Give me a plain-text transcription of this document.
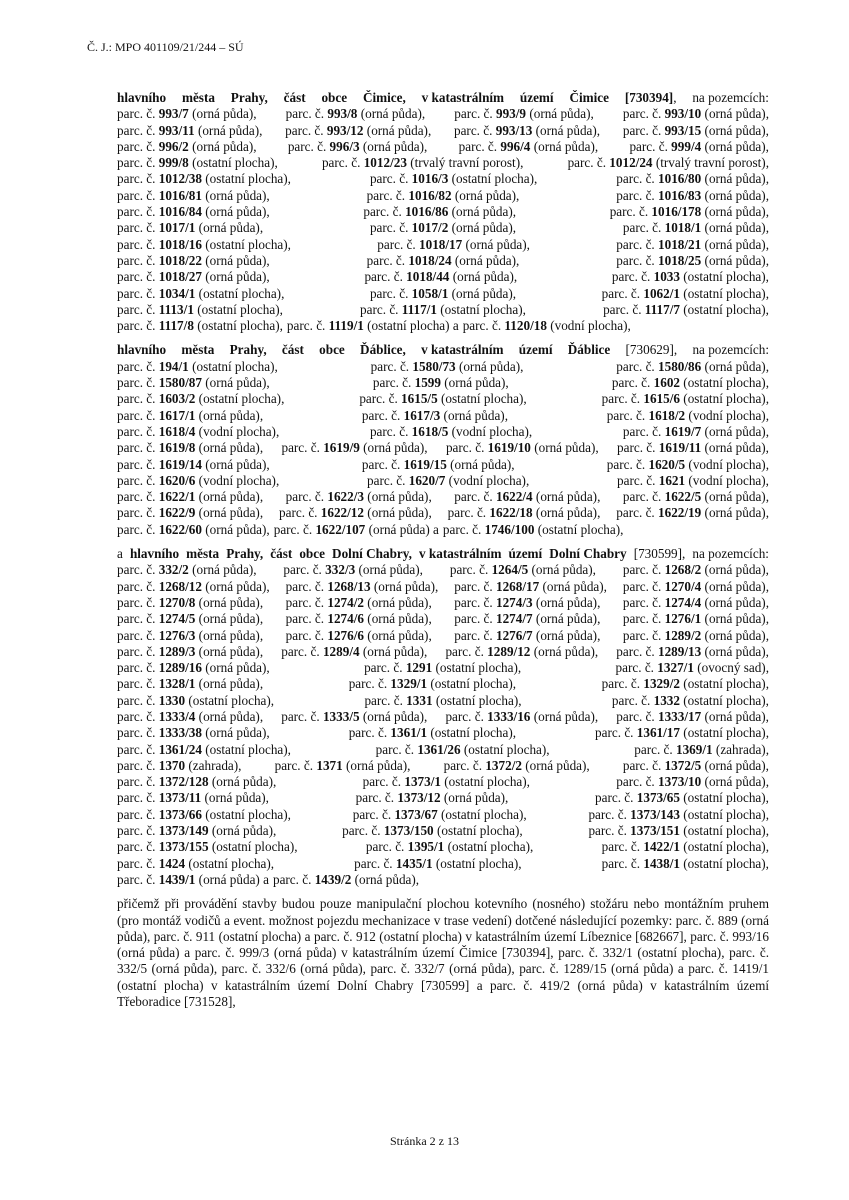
Č. J.: MPO 401109/21/244 – SÚ
hlavního města Prahy, část obce Čimice, v katastrálním území Čimice [730394], na pozemcích:
parc. č. 993/7 (orná půda), parc. č. 993/8 (orná půda), parc. č. 993/9 (orná půda), parc. č. 993/10 (orná půda),
parc. č. 993/11 (orná půda), parc. č. 993/12 (orná půda), parc. č. 993/13 (orná půda), parc. č. 993/15 (orná půda),
parc. č. 996/2 (orná půda), parc. č. 996/3 (orná půda), parc. č. 996/4 (orná půda), parc. č. 999/4 (orná půda),
parc. č. 999/8 (ostatní plocha),	parc. č. 1012/23 (trvalý travní porost),	parc. č. 1012/24 (trvalý travní porost),
parc. č. 1012/38 (ostatní plocha),	parc. č. 1016/3 (ostatní plocha),	parc. č. 1016/80 (orná půda),
parc. č. 1016/81 (orná půda),	parc. č. 1016/82 (orná půda),	parc. č. 1016/83 (orná půda),
parc. č. 1016/84 (orná půda),	parc. č. 1016/86 (orná půda),	parc. č. 1016/178 (orná půda),
parc. č. 1017/1 (orná půda),	parc. č. 1017/2 (orná půda),	parc. č. 1018/1 (orná půda),
parc. č. 1018/16 (ostatní plocha),	parc. č. 1018/17 (orná půda),	parc. č. 1018/21 (orná půda),
parc. č. 1018/22 (orná půda),	parc. č. 1018/24 (orná půda),	parc. č. 1018/25 (orná půda),
parc. č. 1018/27 (orná půda),	parc. č. 1018/44 (orná půda),	parc. č. 1033 (ostatní plocha),
parc. č. 1034/1 (ostatní plocha),	parc. č. 1058/1 (orná půda),	parc. č. 1062/1 (ostatní plocha),
parc. č. 1113/1 (ostatní plocha),	parc. č. 1117/1 (ostatní plocha),	parc. č. 1117/7 (ostatní plocha),
parc. č. 1117/8 (ostatní plocha), parc. č. 1119/1 (ostatní plocha) a parc. č. 1120/18 (vodní plocha),
hlavního města Prahy, část obce Ďáblice, v katastrálním území Ďáblice [730629], na pozemcích:
parc. č. 194/1 (ostatní plocha),	parc. č. 1580/73 (orná půda),	parc. č. 1580/86 (orná půda),
parc. č. 1580/87 (orná půda),	parc. č. 1599 (orná půda),	parc. č. 1602 (ostatní plocha),
parc. č. 1603/2 (ostatní plocha),	parc. č. 1615/5 (ostatní plocha),	parc. č. 1615/6 (ostatní plocha),
parc. č. 1617/1 (orná půda),	parc. č. 1617/3 (orná půda),	parc. č. 1618/2 (vodní plocha),
parc. č. 1618/4 (vodní plocha),	parc. č. 1618/5 (vodní plocha),	parc. č. 1619/7 (orná půda),
parc. č. 1619/8 (orná půda), parc. č. 1619/9 (orná půda), parc. č. 1619/10 (orná půda), parc. č. 1619/11 (orná půda),
parc. č. 1619/14 (orná půda),	parc. č. 1619/15 (orná půda),	parc. č. 1620/5 (vodní plocha),
parc. č. 1620/6 (vodní plocha),	parc. č. 1620/7 (vodní plocha),	parc. č. 1621 (vodní plocha),
parc. č. 1622/1 (orná půda), parc. č. 1622/3 (orná půda), parc. č. 1622/4 (orná půda), parc. č. 1622/5 (orná půda),
parc. č. 1622/9 (orná půda), parc. č. 1622/12 (orná půda), parc. č. 1622/18 (orná půda), parc. č. 1622/19 (orná půda),
parc. č. 1622/60 (orná půda), parc. č. 1622/107 (orná půda) a parc. č. 1746/100 (ostatní plocha),
a hlavního města Prahy, část obce Dolní Chabry, v katastrálním území Dolní Chabry [730599], na pozemcích:
parc. č. 332/2 (orná půda), parc. č. 332/3 (orná půda), parc. č. 1264/5 (orná půda), parc. č. 1268/2 (orná půda),
parc. č. 1268/12 (orná půda), parc. č. 1268/13 (orná půda), parc. č. 1268/17 (orná půda), parc. č. 1270/4 (orná půda),
parc. č. 1270/8 (orná půda), parc. č. 1274/2 (orná půda), parc. č. 1274/3 (orná půda), parc. č. 1274/4 (orná půda),
parc. č. 1274/5 (orná půda), parc. č. 1274/6 (orná půda), parc. č. 1274/7 (orná půda), parc. č. 1276/1 (orná půda),
parc. č. 1276/3 (orná půda), parc. č. 1276/6 (orná půda), parc. č. 1276/7 (orná půda), parc. č. 1289/2 (orná půda),
parc. č. 1289/3 (orná půda), parc. č. 1289/4 (orná půda), parc. č. 1289/12 (orná půda), parc. č. 1289/13 (orná půda),
parc. č. 1289/16 (orná půda),	parc. č. 1291 (ostatní plocha),	parc. č. 1327/1 (ovocný sad),
parc. č. 1328/1 (orná půda),	parc. č. 1329/1 (ostatní plocha),	parc. č. 1329/2 (ostatní plocha),
parc. č. 1330 (ostatní plocha),	parc. č. 1331 (ostatní plocha),	parc. č. 1332 (ostatní plocha),
parc. č. 1333/4 (orná půda), parc. č. 1333/5 (orná půda), parc. č. 1333/16 (orná půda), parc. č. 1333/17 (orná půda),
parc. č. 1333/38 (orná půda),	parc. č. 1361/1 (ostatní plocha),	parc. č. 1361/17 (ostatní plocha),
parc. č. 1361/24 (ostatní plocha),	parc. č. 1361/26 (ostatní plocha),	parc. č. 1369/1 (zahrada),
parc. č. 1370 (zahrada),	parc. č. 1371 (orná půda),	parc. č. 1372/2 (orná půda),	parc. č. 1372/5 (orná půda),
parc. č. 1372/128 (orná půda),	parc. č. 1373/1 (ostatní plocha),	parc. č. 1373/10 (orná půda),
parc. č. 1373/11 (orná půda),	parc. č. 1373/12 (orná půda),	parc. č. 1373/65 (ostatní plocha),
parc. č. 1373/66 (ostatní plocha),	parc. č. 1373/67 (ostatní plocha),	parc. č. 1373/143 (ostatní plocha),
parc. č. 1373/149 (orná půda),	parc. č. 1373/150 (ostatní plocha),	parc. č. 1373/151 (ostatní plocha),
parc. č. 1373/155 (ostatní plocha),	parc. č. 1395/1 (ostatní plocha),	parc. č. 1422/1 (ostatní plocha),
parc. č. 1424 (ostatní plocha),	parc. č. 1435/1 (ostatní plocha),	parc. č. 1438/1 (ostatní plocha),
parc. č. 1439/1 (orná půda) a parc. č. 1439/2 (orná půda),
přičemž při provádění stavby budou pouze manipulační plochou kotevního (nosného) stožáru nebo montážním pruhem (pro montáž vodičů a event. možnost pojezdu mechanizace v trase vedení) dotčené následující pozemky: parc. č. 889 (orná půda), parc. č. 911 (ostatní plocha) a parc. č. 912 (ostatní plocha) v katastrálním území Líbeznice [682667], parc. č. 993/16 (orná půda) a parc. č. 999/3 (orná půda) v katastrálním území Čimice [730394], parc. č. 332/1 (ostatní plocha), parc. č. 332/5 (orná půda), parc. č. 332/6 (orná půda), parc. č. 332/7 (orná půda), parc. č. 1289/15 (orná půda) a parc. č. 1419/1 (ostatní plocha) v katastrálním území Dolní Chabry [730599] a parc. č. 419/2 (orná půda) v katastrálním území Třeboradice [731528],
Stránka 2 z 13
